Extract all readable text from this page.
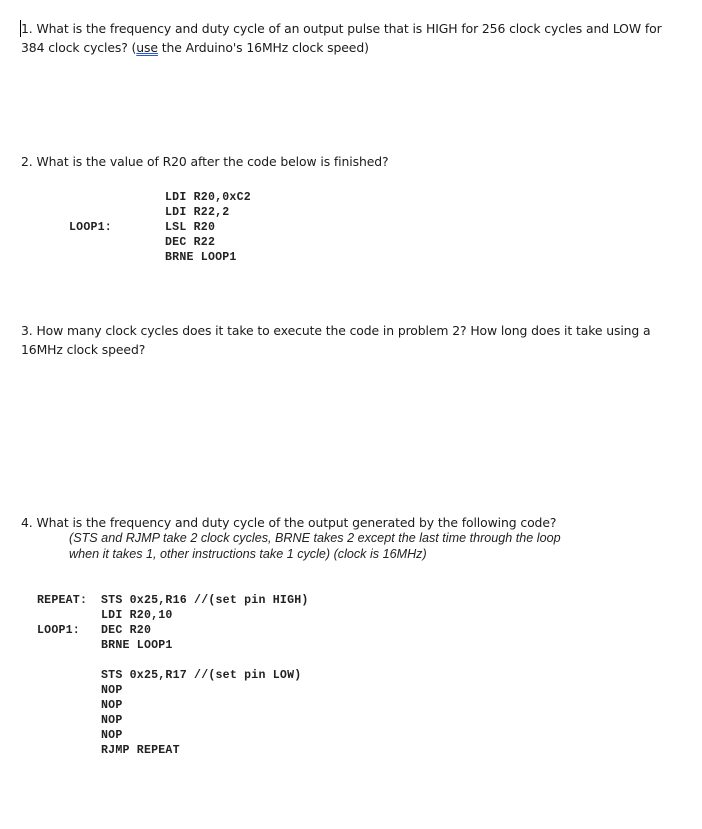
1. What is the frequency and duty cycle of an output pulse that is HIGH for 256 clock cycles and LOW for
384 clock cycles? (use the Arduino's 16MHz clock speed)
2. What is the value of R20 after the code below is finished?
LOOP1:
LDI R20,0xC2
LDI R22,2
LSL R20
DEC R22
BRNE LOOP1
3. How many clock cycles does it take to execute the code in problem 2? How long does it take using a
16MHz clock speed?
4. What is the frequency and duty cycle of the output generated by the following code?
(STS and RJMP take 2 clock cycles, BRNE takes 2 except the last time through the loop
when it takes 1, other instructions take 1 cycle) (clock is 16MHz)
REPEAT:
LOOP1:
STS 0x25,R16 //(set pin HIGH)
LDI R20,10
DEC R20
BRNE LOOP1
STS 0x25,R17 //(set pin LOW)
NOP
NOP
NOP
NOP
RJMP REPEAT
